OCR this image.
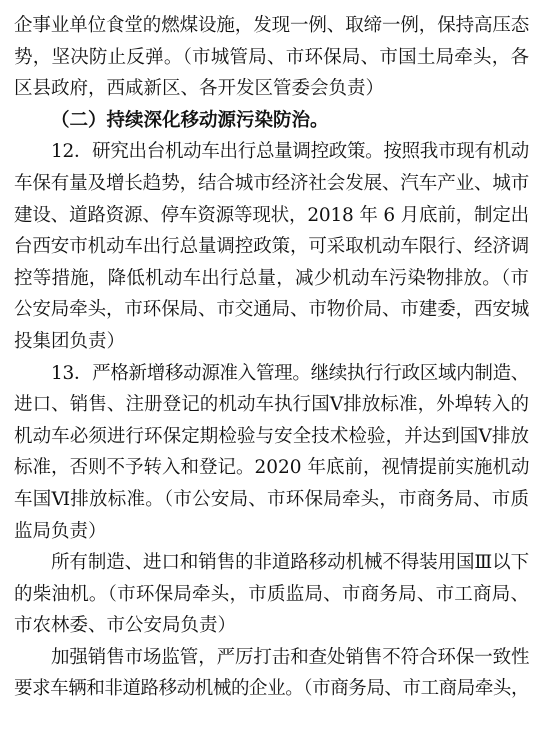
企事业单位食堂的燃煤设施，发现一例、取缔一例，保持高压态
势，坚决防止反弹。（市城管局、市环保局、市国土局牵头，各
区县政府，西咸新区、各开发区管委会负责）
（二）持续深化移动源污染防治。
12．研究出台机动车出行总量调控政策。按照我市现有机动
车保有量及增长趋势，结合城市经济社会发展、汽车产业、城市
建设、道路资源、停车资源等现状，2018 年 6 月底前，制定出
台西安市机动车出行总量调控政策，可采取机动车限行、经济调
控等措施，降低机动车出行总量，减少机动车污染物排放。（市
公安局牵头，市环保局、市交通局、市物价局、市建委，西安城
投集团负责）
13．严格新增移动源准入管理。继续执行行政区域内制造、
进口、销售、注册登记的机动车执行国Ⅴ排放标准，外埠转入的
机动车必须进行环保定期检验与安全技术检验，并达到国Ⅴ排放
标准，否则不予转入和登记。2020 年底前，视情提前实施机动
车国Ⅵ排放标准。（市公安局、市环保局牵头，市商务局、市质
监局负责）
所有制造、进口和销售的非道路移动机械不得装用国Ⅲ以下
的柴油机。（市环保局牵头，市质监局、市商务局、市工商局、
市农林委、市公安局负责）
加强销售市场监管，严厉打击和查处销售不符合环保一致性
要求车辆和非道路移动机械的企业。（市商务局、市工商局牵头，
